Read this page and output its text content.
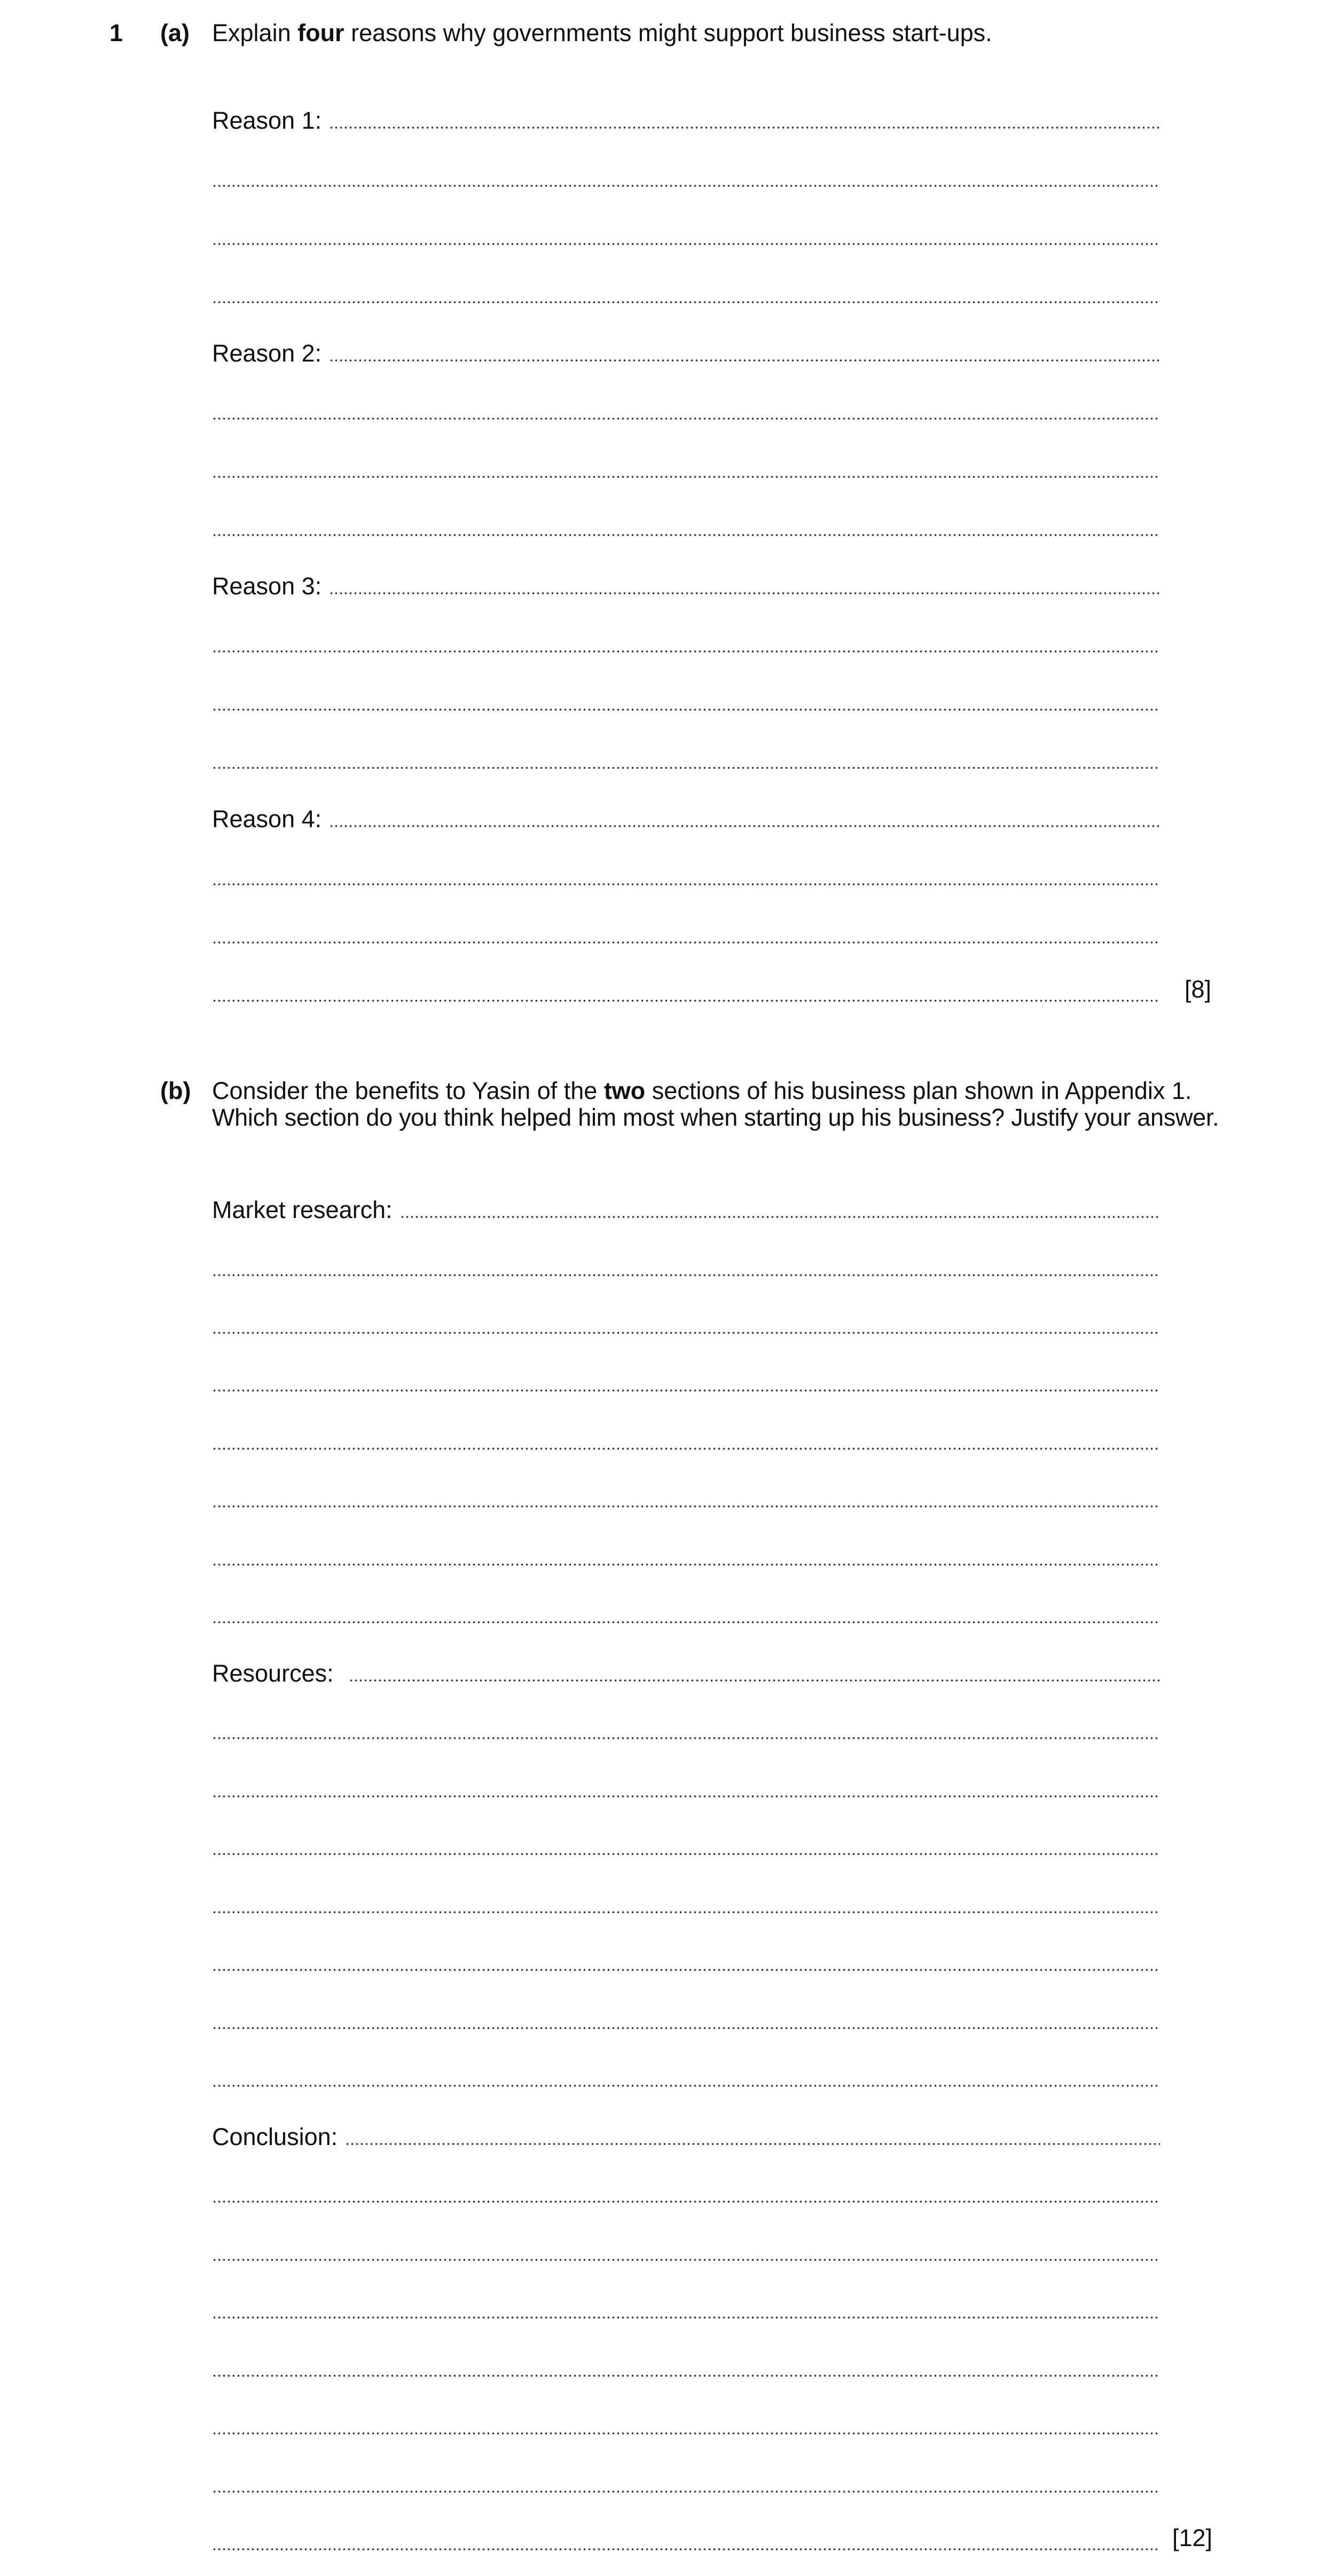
1 (a) Explain four reasons why governments might support business start-ups.
Reason 1:
Reason 2:
Reason 3:
Reason 4:
[8]
(b) Consider the benefits to Yasin of the two sections of his business plan shown in Appendix 1.
Which section do you think helped him most when starting up his business? Justify your answer.
Market research:
Resources:
Conclusion:
[12]
